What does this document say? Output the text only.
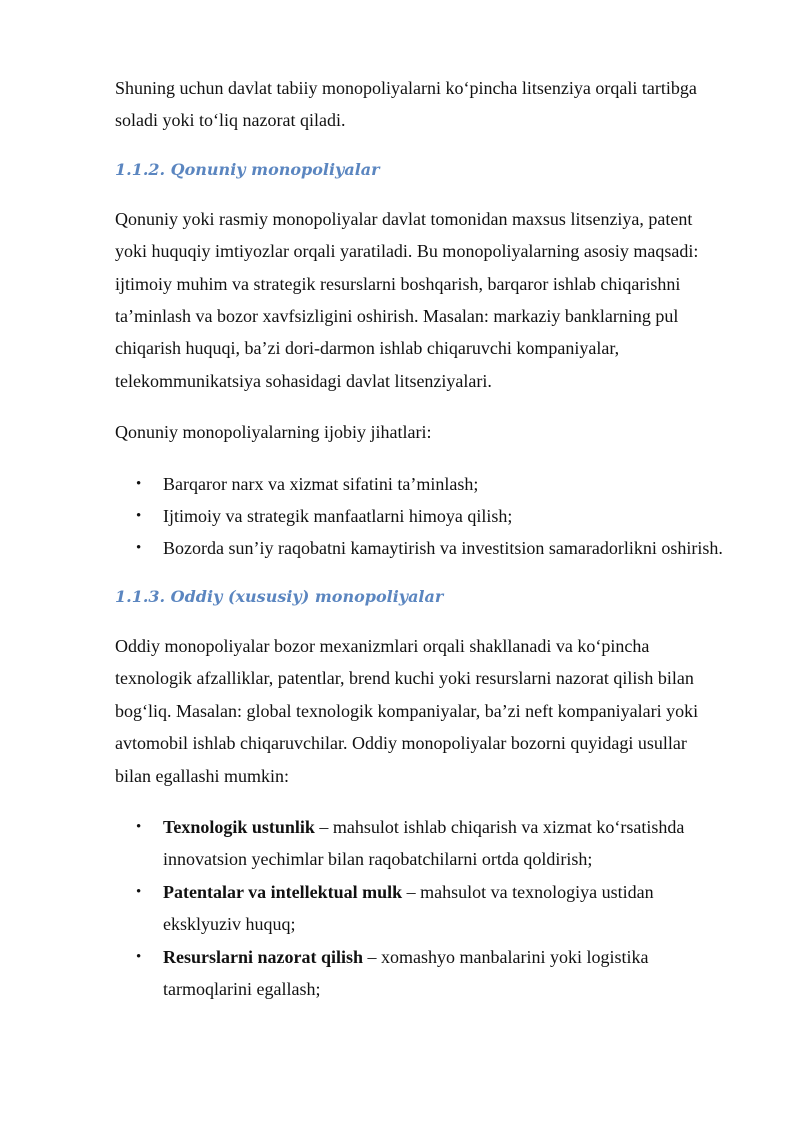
Shuning uchun davlat tabiiy monopoliyalarni ko‘pincha litsenziya orqali tartibga soladi yoki to‘liq nazorat qiladi.

1.1.2. Qonuniy monopoliyalar

Qonuniy yoki rasmiy monopoliyalar davlat tomonidan maxsus litsenziya, patent yoki huquqiy imtiyozlar orqali yaratiladi. Bu monopoliyalarning asosiy maqsadi: ijtimoiy muhim va strategik resurslarni boshqarish, barqaror ishlab chiqarishni ta’minlash va bozor xavfsizligini oshirish. Masalan: markaziy banklarning pul chiqarish huquqi, ba’zi dori-darmon ishlab chiqaruvchi kompaniyalar, telekommunikatsiya sohasidagi davlat litsenziyalari.

Qonuniy monopoliyalarning ijobiy jihatlari:

• Barqaror narx va xizmat sifatini ta’minlash;
• Ijtimoiy va strategik manfaatlarni himoya qilish;
• Bozorda sun’iy raqobatni kamaytirish va investitsion samaradorlikni oshirish.
1.1.3. Oddiy (xususiy) monopoliyalar

Oddiy monopoliyalar bozor mexanizmlari orqali shakllanadi va ko‘pincha texnologik afzalliklar, patentlar, brend kuchi yoki resurslarni nazorat qilish bilan bog‘liq. Masalan: global texnologik kompaniyalar, ba’zi neft kompaniyalari yoki avtomobil ishlab chiqaruvchilar. Oddiy monopoliyalar bozorni quyidagi usullar bilan egallashi mumkin:

• Texnologik ustunlik – mahsulot ishlab chiqarish va xizmat ko‘rsatishda innovatsion yechimlar bilan raqobatchilarni ortda qoldirish;
• Patentalar va intellektual mulk – mahsulot va texnologiya ustidan eksklyuziv huquq;
• Resurslarni nazorat qilish – xomashyo manbalarini yoki logistika tarmoqlarini egallash;
